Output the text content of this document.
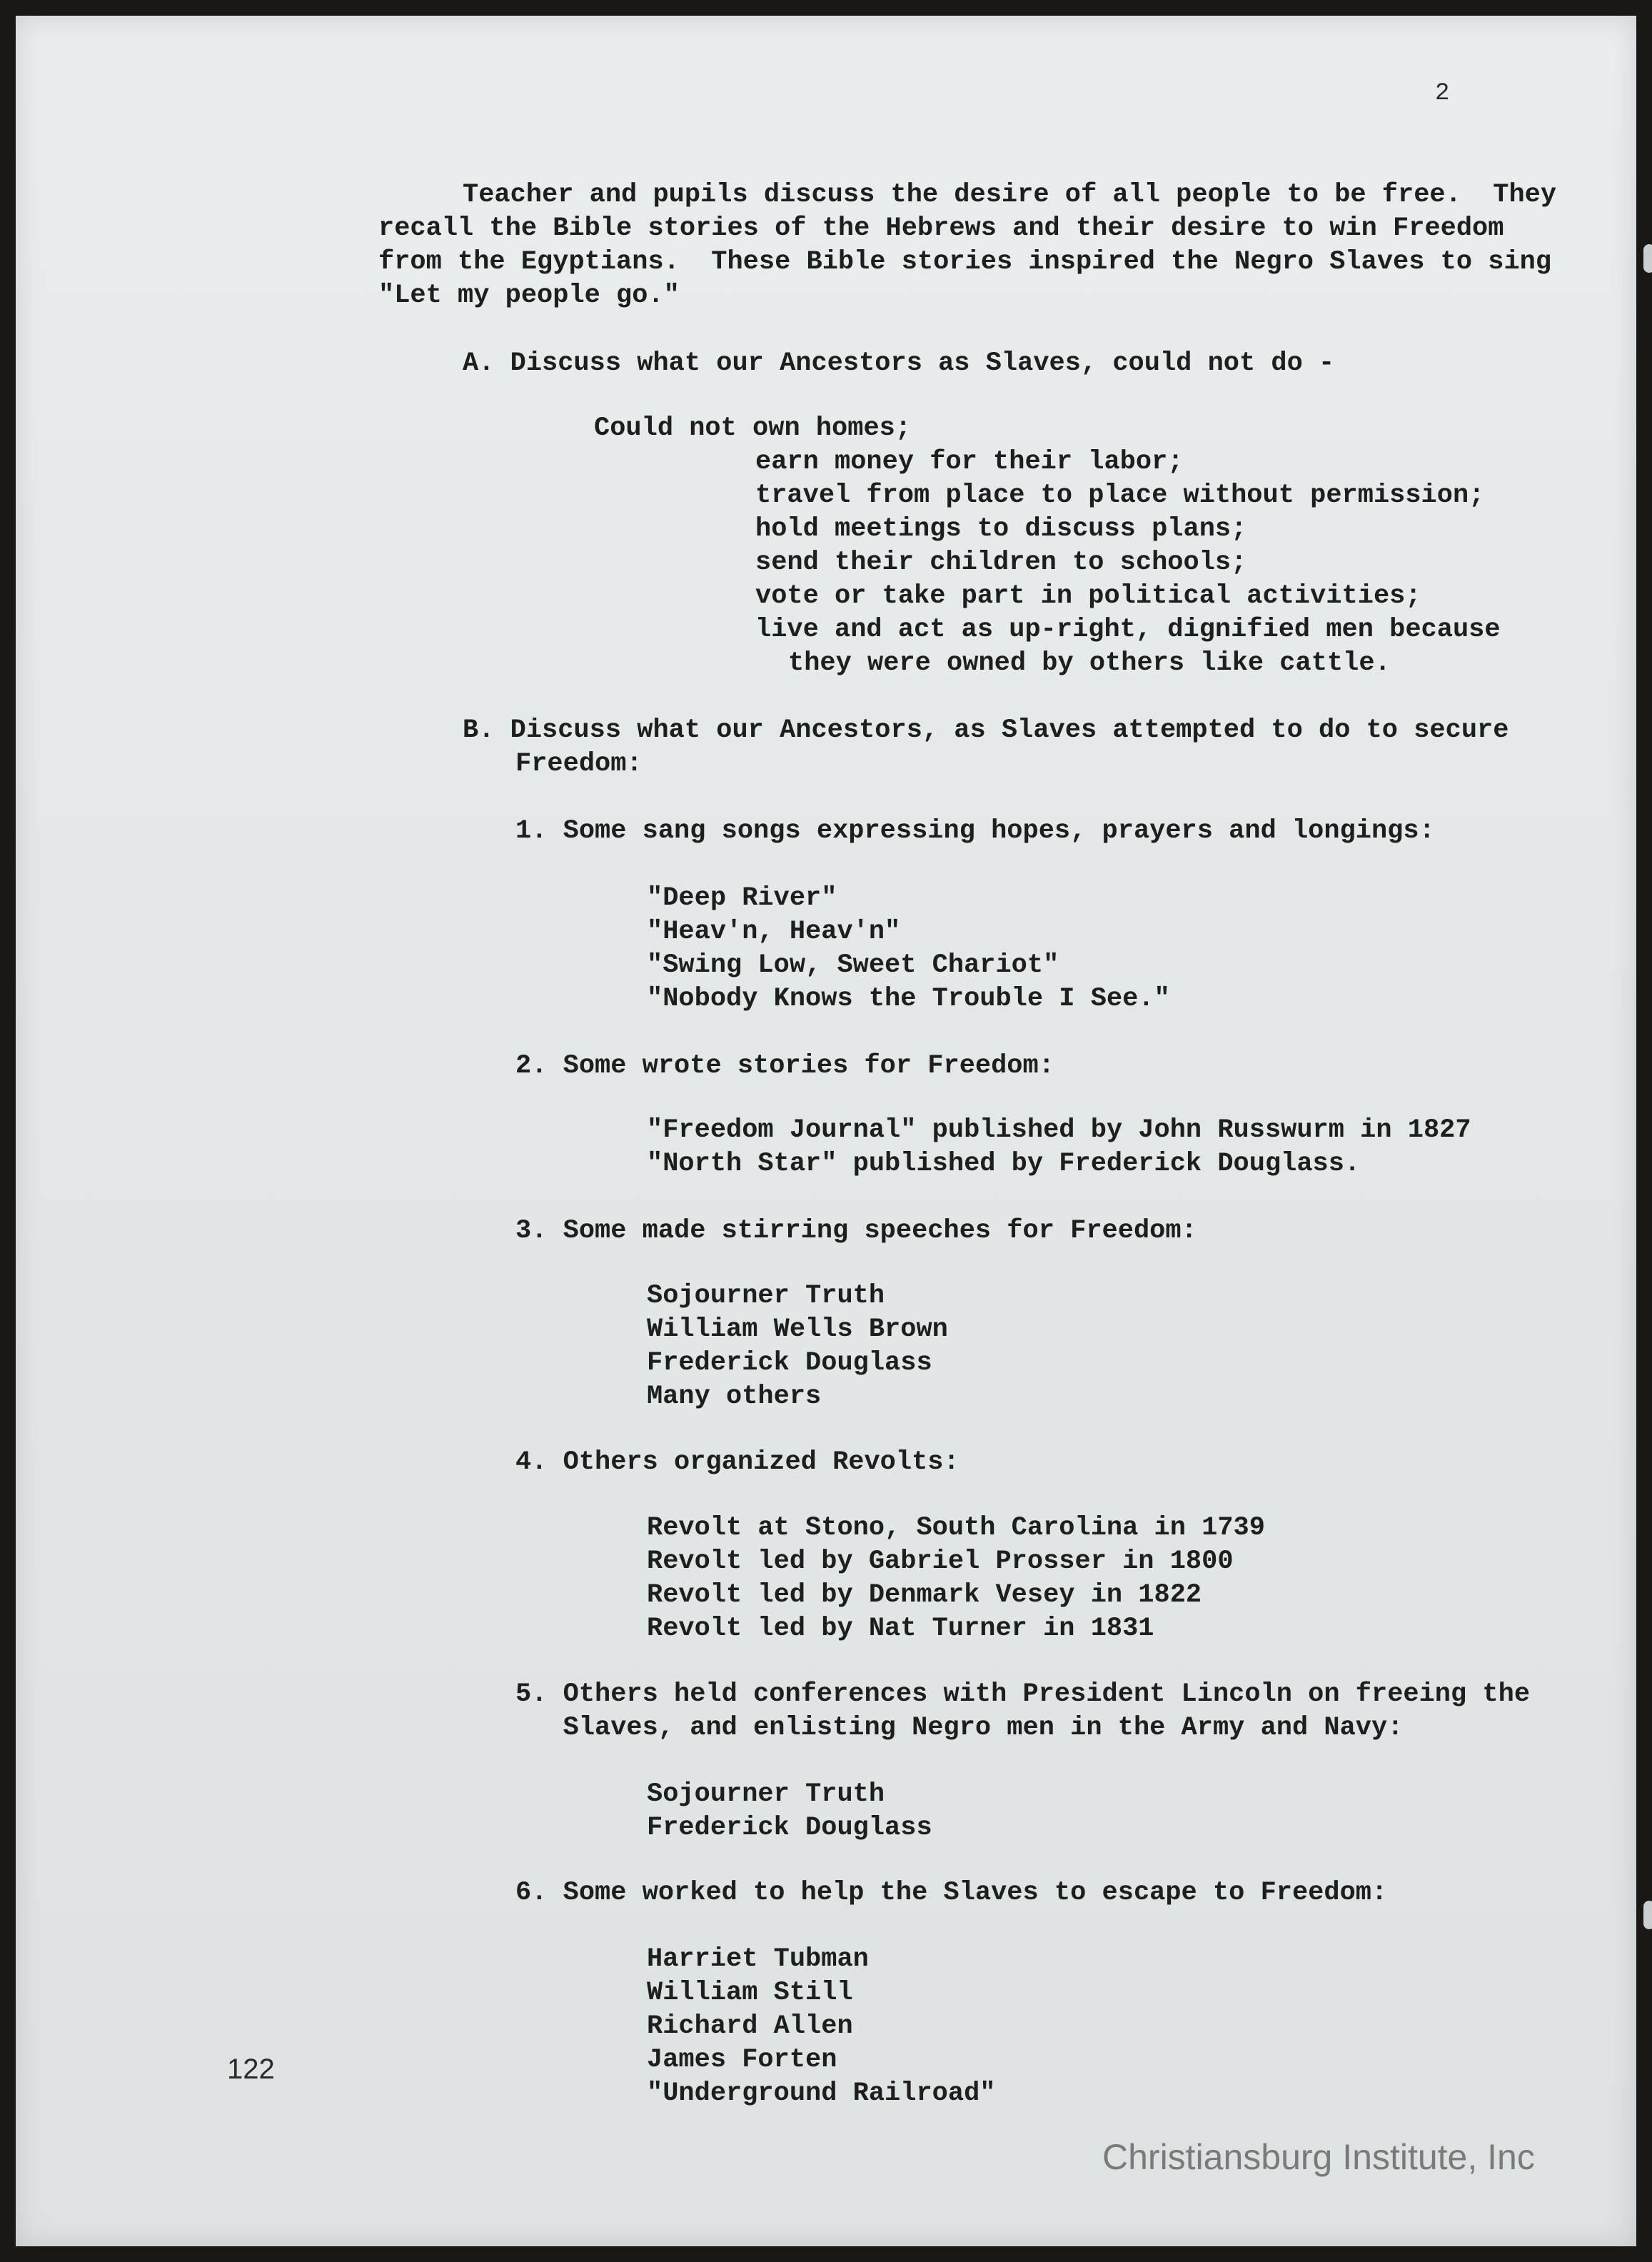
2
Teacher and pupils discuss the desire of all people to be free.  They
recall the Bible stories of the Hebrews and their desire to win Freedom
from the Egyptians.  These Bible stories inspired the Negro Slaves to sing
"Let my people go."
A. Discuss what our Ancestors as Slaves, could not do -
Could not own homes;
earn money for their labor;
travel from place to place without permission;
hold meetings to discuss plans;
send their children to schools;
vote or take part in political activities;
live and act as up-right, dignified men because
they were owned by others like cattle.
B. Discuss what our Ancestors, as Slaves attempted to do to secure
Freedom:
1. Some sang songs expressing hopes, prayers and longings:
"Deep River"
"Heav'n, Heav'n"
"Swing Low, Sweet Chariot"
"Nobody Knows the Trouble I See."
2. Some wrote stories for Freedom:
"Freedom Journal" published by John Russwurm in 1827
"North Star" published by Frederick Douglass.
3. Some made stirring speeches for Freedom:
Sojourner Truth
William Wells Brown
Frederick Douglass
Many others
4. Others organized Revolts:
Revolt at Stono, South Carolina in 1739
Revolt led by Gabriel Prosser in 1800
Revolt led by Denmark Vesey in 1822
Revolt led by Nat Turner in 1831
5. Others held conferences with President Lincoln on freeing the
Slaves, and enlisting Negro men in the Army and Navy:
Sojourner Truth
Frederick Douglass
6. Some worked to help the Slaves to escape to Freedom:
Harriet Tubman
William Still
Richard Allen
James Forten
"Underground Railroad"
122
Christiansburg Institute, Inc
